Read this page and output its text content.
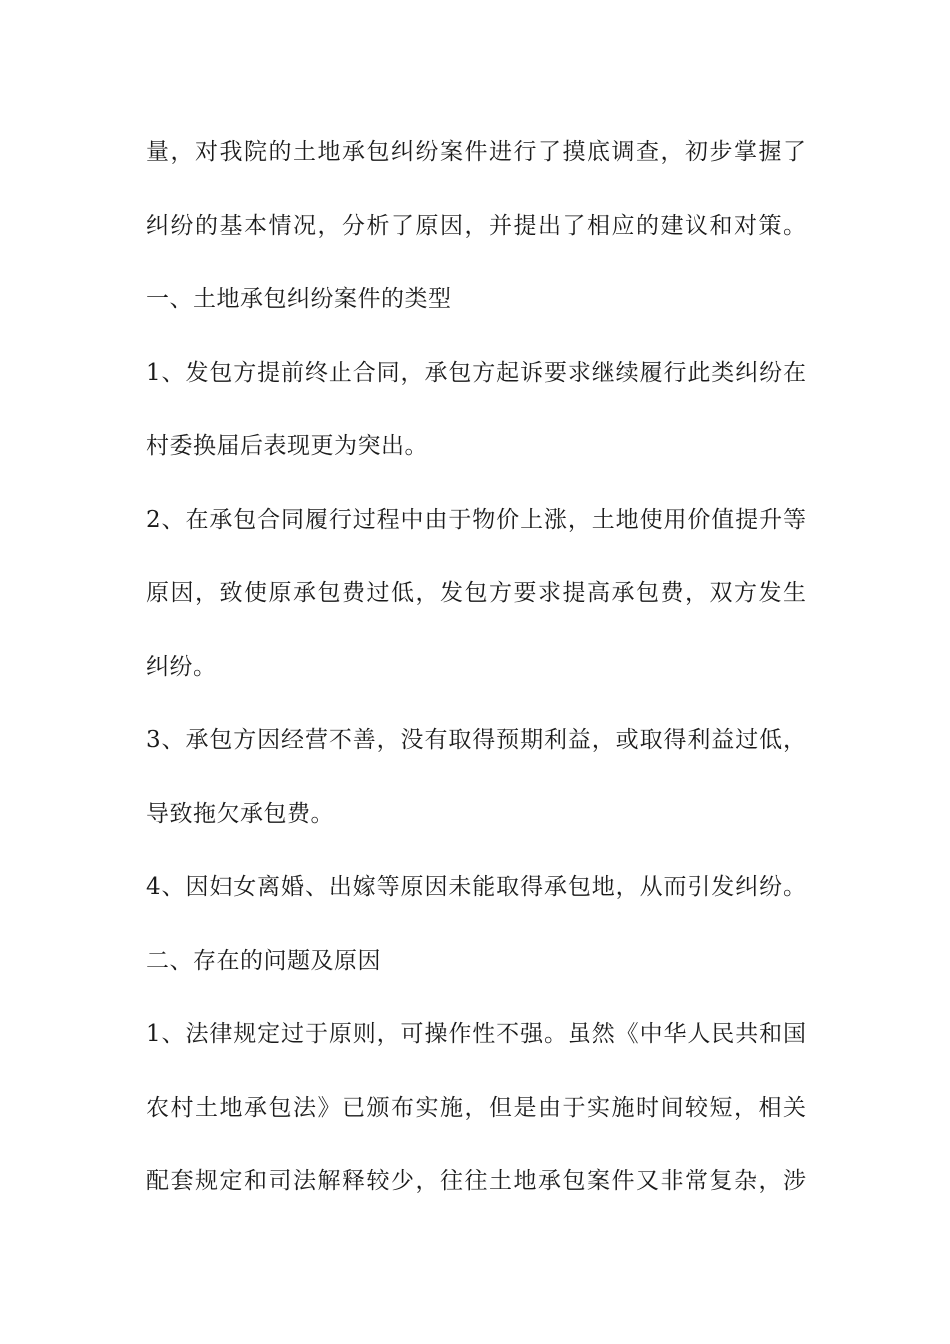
量，对我院的土地承包纠纷案件进行了摸底调查，初步掌握了
纠纷的基本情况，分析了原因，并提出了相应的建议和对策。
一、土地承包纠纷案件的类型
1、发包方提前终止合同，承包方起诉要求继续履行此类纠纷在
村委换届后表现更为突出。
2、在承包合同履行过程中由于物价上涨，土地使用价值提升等
原因，致使原承包费过低，发包方要求提高承包费，双方发生
纠纷。
3、承包方因经营不善，没有取得预期利益，或取得利益过低，
导致拖欠承包费。
4、因妇女离婚、出嫁等原因未能取得承包地，从而引发纠纷。
二、存在的问题及原因
1、法律规定过于原则，可操作性不强。虽然《中华人民共和国
农村土地承包法》已颁布实施，但是由于实施时间较短，相关
配套规定和司法解释较少，往往土地承包案件又非常复杂，涉
